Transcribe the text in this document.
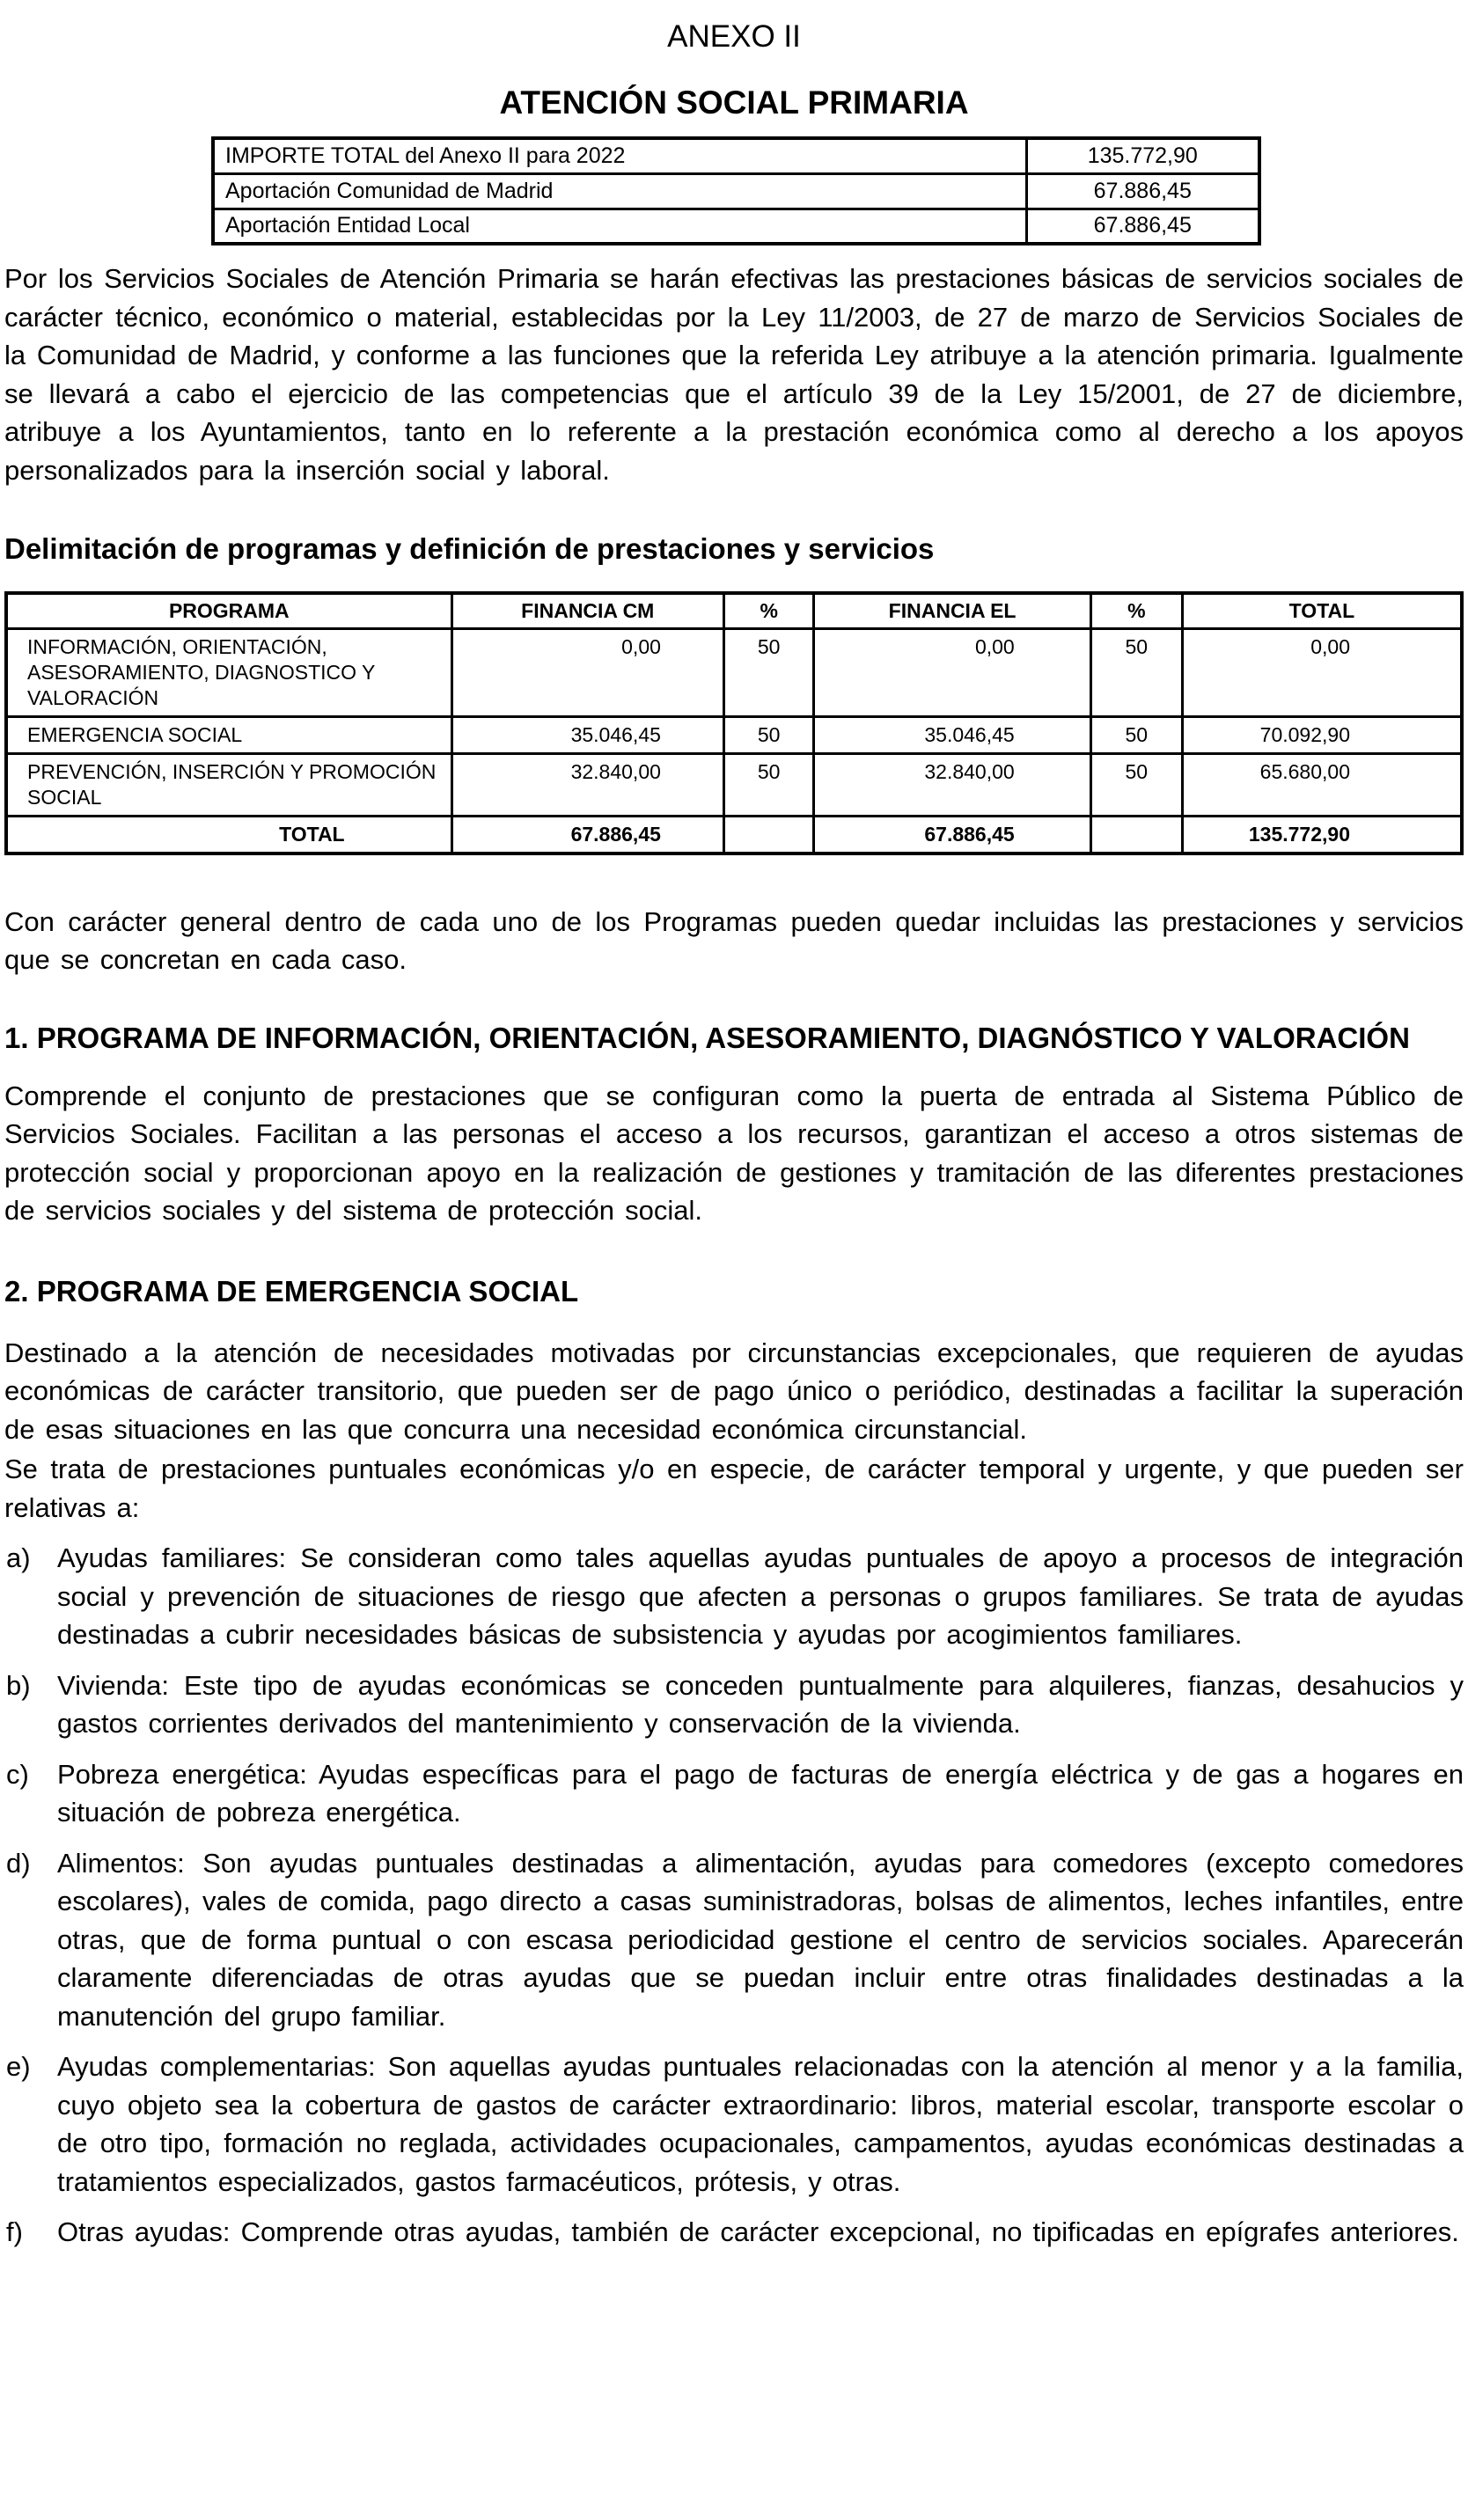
ANEXO II
ATENCIÓN SOCIAL PRIMARIA
IMPORTE TOTAL del Anexo II para 2022	135.772,90
Aportación Comunidad de Madrid	67.886,45
Aportación Entidad Local	67.886,45

Por los Servicios Sociales de Atención Primaria se harán efectivas las prestaciones básicas de servicios sociales de carácter técnico, económico o material, establecidas por la Ley 11/2003, de 27 de marzo de Servicios Sociales de la Comunidad de Madrid, y conforme a las funciones que la referida Ley atribuye a la atención primaria. Igualmente se llevará a cabo el ejercicio de las competencias que el artículo 39 de la Ley 15/2001, de 27 de diciembre, atribuye a los Ayuntamientos, tanto en lo referente a la prestación económica como al derecho a los apoyos personalizados para la inserción social y laboral.

Delimitación de programas y definición de prestaciones y servicios
PROGRAMA	FINANCIA CM	%	FINANCIA EL	%	TOTAL
INFORMACIÓN, ORIENTACIÓN, ASESORAMIENTO, DIAGNOSTICO Y VALORACIÓN	0,00	50	0,00	50	0,00
EMERGENCIA SOCIAL	35.046,45	50	35.046,45	50	70.092,90
PREVENCIÓN, INSERCIÓN Y PROMOCIÓN SOCIAL	32.840,00	50	32.840,00	50	65.680,00
TOTAL	67.886,45		67.886,45		135.772,90

Con carácter general dentro de cada uno de los Programas pueden quedar incluidas las prestaciones y servicios que se concretan en cada caso.

1. PROGRAMA DE INFORMACIÓN, ORIENTACIÓN, ASESORAMIENTO, DIAGNÓSTICO Y VALORACIÓN

Comprende el conjunto de prestaciones que se configuran como la puerta de entrada al Sistema Público de Servicios Sociales. Facilitan a las personas el acceso a los recursos, garantizan el acceso a otros sistemas de protección social y proporcionan apoyo en la realización de gestiones y tramitación de las diferentes prestaciones de servicios sociales y del sistema de protección social.

2. PROGRAMA DE EMERGENCIA SOCIAL

Destinado a la atención de necesidades motivadas por circunstancias excepcionales, que requieren de ayudas económicas de carácter transitorio, que pueden ser de pago único o periódico, destinadas a facilitar la superación de esas situaciones en las que concurra una necesidad económica circunstancial.

Se trata de prestaciones puntuales económicas y/o en especie, de carácter temporal y urgente, y que pueden ser relativas a:

a) Ayudas familiares: Se consideran como tales aquellas ayudas puntuales de apoyo a procesos de integración social y prevención de situaciones de riesgo que afecten a personas o grupos familiares. Se trata de ayudas destinadas a cubrir necesidades básicas de subsistencia y ayudas por acogimientos familiares.
b) Vivienda: Este tipo de ayudas económicas se conceden puntualmente para alquileres, fianzas, desahucios y gastos corrientes derivados del mantenimiento y conservación de la vivienda.
c) Pobreza energética: Ayudas específicas para el pago de facturas de energía eléctrica y de gas a hogares en situación de pobreza energética.
d) Alimentos: Son ayudas puntuales destinadas a alimentación, ayudas para comedores (excepto comedores escolares), vales de comida, pago directo a casas suministradoras, bolsas de alimentos, leches infantiles, entre otras, que de forma puntual o con escasa periodicidad gestione el centro de servicios sociales. Aparecerán claramente diferenciadas de otras ayudas que se puedan incluir entre otras finalidades destinadas a la manutención del grupo familiar.
e) Ayudas complementarias: Son aquellas ayudas puntuales relacionadas con la atención al menor y a la familia, cuyo objeto sea la cobertura de gastos de carácter extraordinario: libros, material escolar, transporte escolar o de otro tipo, formación no reglada, actividades ocupacionales, campamentos, ayudas económicas destinadas a tratamientos especializados, gastos farmacéuticos, prótesis, y otras.
f) Otras ayudas: Comprende otras ayudas, también de carácter excepcional, no tipificadas en epígrafes anteriores.
